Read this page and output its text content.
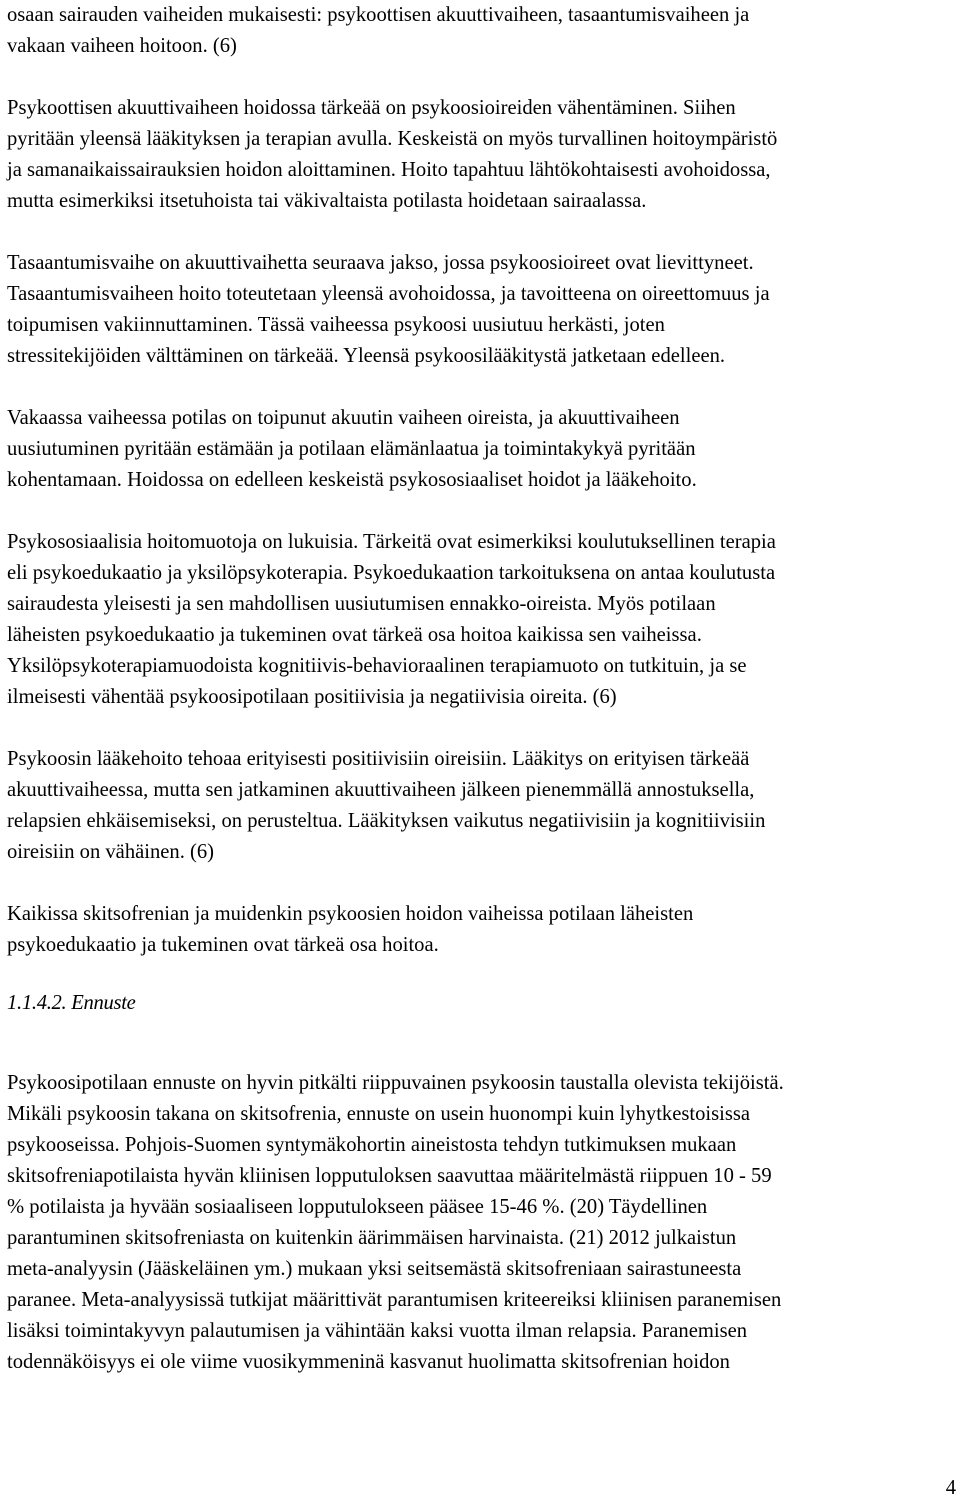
osaan sairauden vaiheiden mukaisesti: psykoottisen akuuttivaiheen, tasaantumisvaiheen ja
vakaan vaiheen hoitoon. (6)

Psykoottisen akuuttivaiheen hoidossa tärkeää on psykoosioireiden vähentäminen. Siihen
pyritään yleensä lääkityksen ja terapian avulla. Keskeistä on myös turvallinen hoitoympäristö
ja samanaikaissairauksien hoidon aloittaminen. Hoito tapahtuu lähtökohtaisesti avohoidossa,
mutta esimerkiksi itsetuhoista tai väkivaltaista potilasta hoidetaan sairaalassa.

Tasaantumisvaihe on akuuttivaihetta seuraava jakso, jossa psykoosioireet ovat lievittyneet.
Tasaantumisvaiheen hoito toteutetaan yleensä avohoidossa, ja tavoitteena on oireettomuus ja
toipumisen vakiinnuttaminen. Tässä vaiheessa psykoosi uusiutuu herkästi, joten
stressitekijöiden välttäminen on tärkeää. Yleensä psykoosilääkitystä jatketaan edelleen.

Vakaassa vaiheessa potilas on toipunut akuutin vaiheen oireista, ja akuuttivaiheen
uusiutuminen pyritään estämään ja potilaan elämänlaatua ja toimintakykyä pyritään
kohentamaan. Hoidossa on edelleen keskeistä psykososiaaliset hoidot ja lääkehoito.

Psykososiaalisia hoitomuotoja on lukuisia. Tärkeitä ovat esimerkiksi koulutuksellinen terapia
eli psykoedukaatio ja yksilöpsykoterapia. Psykoedukaation tarkoituksena on antaa koulutusta
sairaudesta yleisesti ja sen mahdollisen uusiutumisen ennakko-oireista. Myös potilaan
läheisten psykoedukaatio ja tukeminen ovat tärkeä osa hoitoa kaikissa sen vaiheissa.
Yksilöpsykoterapiamuodoista kognitiivis-behavioraalinen terapiamuoto on tutkituin, ja se
ilmeisesti vähentää psykoosipotilaan positiivisia ja negatiivisia oireita. (6)

Psykoosin lääkehoito tehoaa erityisesti positiivisiin oireisiin. Lääkitys on erityisen tärkeää
akuuttivaiheessa, mutta sen jatkaminen akuuttivaiheen jälkeen pienemmällä annostuksella,
relapsien ehkäisemiseksi, on perusteltua. Lääkityksen vaikutus negatiivisiin ja kognitiivisiin
oireisiin on vähäinen. (6)

Kaikissa skitsofrenian ja muidenkin psykoosien hoidon vaiheissa potilaan läheisten
psykoedukaatio ja tukeminen ovat tärkeä osa hoitoa.

1.1.4.2. Ennuste

Psykoosipotilaan ennuste on hyvin pitkälti riippuvainen psykoosin taustalla olevista tekijöistä.
Mikäli psykoosin takana on skitsofrenia, ennuste on usein huonompi kuin lyhytkestoisissa
psykooseissa. Pohjois-Suomen syntymäkohortin aineistosta tehdyn tutkimuksen mukaan
skitsofreniapotilaista hyvän kliinisen lopputuloksen saavuttaa määritelmästä riippuen 10 - 59
% potilaista ja hyvään sosiaaliseen lopputulokseen pääsee 15-46 %. (20) Täydellinen
parantuminen skitsofreniasta on kuitenkin äärimmäisen harvinaista. (21) 2012 julkaistun
meta-analyysin (Jääskeläinen ym.) mukaan yksi seitsemästä skitsofreniaan sairastuneesta
paranee. Meta-analyysissä tutkijat määrittivät parantumisen kriteereiksi kliinisen paranemisen
lisäksi toimintakyvyn palautumisen ja vähintään kaksi vuotta ilman relapsia. Paranemisen
todennäköisyys ei ole viime vuosikymmeninä kasvanut huolimatta skitsofrenian hoidon

4
